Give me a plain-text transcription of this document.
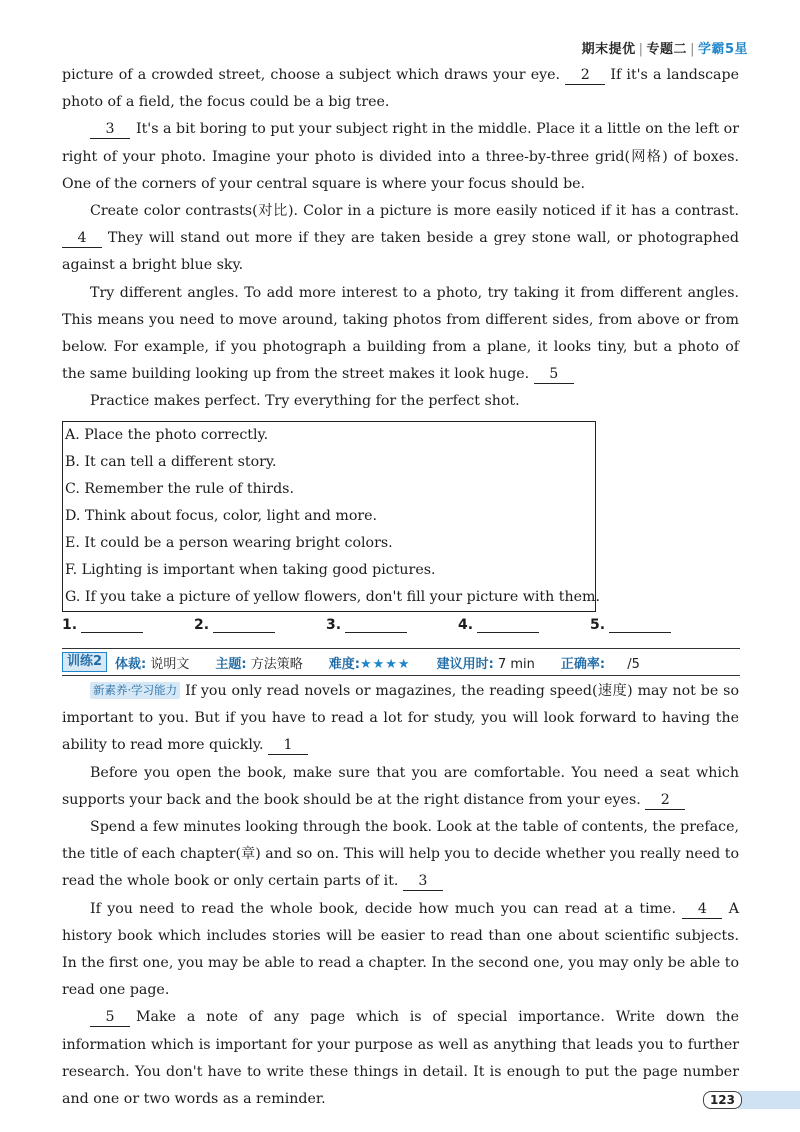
期末提优 | 专题二 | 学霸5星

picture of a crowded street, choose a subject which draws your eye. 2 If it's a landscape photo of a field, the focus could be a big tree.

3 It's a bit boring to put your subject right in the middle. Place it a little on the left or right of your photo. Imagine your photo is divided into a three-by-three grid(网格) of boxes. One of the corners of your central square is where your focus should be.

Create color contrasts(对比). Color in a picture is more easily noticed if it has a contrast. 4 They will stand out more if they are taken beside a grey stone wall, or photographed against a bright blue sky.

Try different angles. To add more interest to a photo, try taking it from different angles. This means you need to move around, taking photos from different sides, from above or from below. For example, if you photograph a building from a plane, it looks tiny, but a photo of the same building looking up from the street makes it look huge. 5

Practice makes perfect. Try everything for the perfect shot.

A. Place the photo correctly.
B. It can tell a different story.
C. Remember the rule of thirds.
D. Think about focus, color, light and more.
E. It could be a person wearing bright colors.
F. Lighting is important when taking good pictures.
G. If you take a picture of yellow flowers, don't fill your picture with them.
1.	2.	3.	4.	5.
训练2	体裁: 说明文 主题: 方法策略 难度:★★★★ 建议用时: 7 min 正确率: /5

新素养·学习能力 If you only read novels or magazines, the reading speed(速度) may not be so important to you. But if you have to read a lot for study, you will look forward to having the ability to read more quickly. 1

Before you open the book, make sure that you are comfortable. You need a seat which supports your back and the book should be at the right distance from your eyes. 2

Spend a few minutes looking through the book. Look at the table of contents, the preface, the title of each chapter(章) and so on. This will help you to decide whether you really need to read the whole book or only certain parts of it. 3

If you need to read the whole book, decide how much you can read at a time. 4 A history book which includes stories will be easier to read than one about scientific subjects. In the first one, you may be able to read a chapter. In the second one, you may only be able to read one page.

5 Make a note of any page which is of special importance. Write down the information which is important for your purpose as well as anything that leads you to further research. You don't have to write these things in detail. It is enough to put the page number and one or two words as a reminder.	123
